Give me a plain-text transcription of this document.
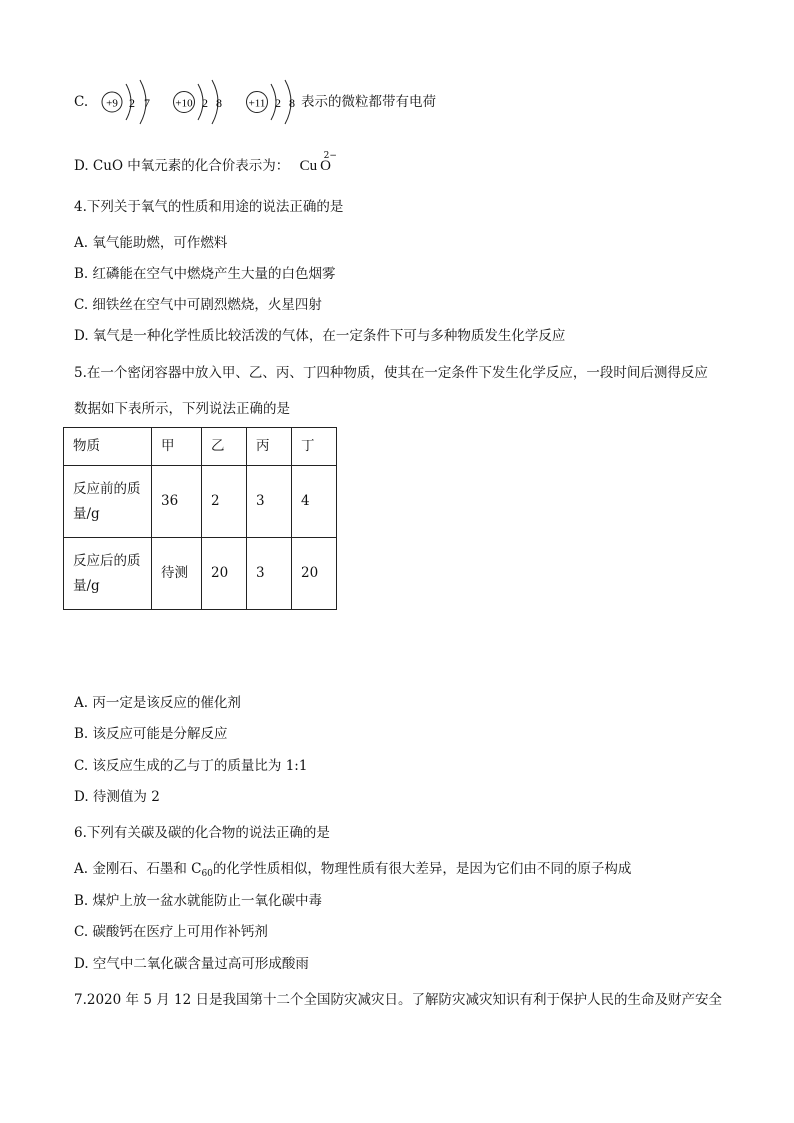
C. +9 2 7 +10 2 8 +11 2 8 表示的微粒都带有电荷
D. CuO 中氧元素的化合价表示为：
2−
Cu O
4.下列关于氧气的性质和用途的说法正确的是
A. 氧气能助燃，可作燃料
B. 红磷能在空气中燃烧产生大量的白色烟雾
C. 细铁丝在空气中可剧烈燃烧，火星四射
D. 氧气是一种化学性质比较活泼的气体，在一定条件下可与多种物质发生化学反应
5.在一个密闭容器中放入甲、乙、丙、丁四种物质，使其在一定条件下发生化学反应，一段时间后测得反应
数据如下表所示，下列说法正确的是
物质	甲	乙	丙	丁
反应前的质
量/g	36	2	3	4
反应后的质
量/g	待测	20	3	20
A. 丙一定是该反应的催化剂
B. 该反应可能是分解反应
C. 该反应生成的乙与丁的质量比为 1:1
D. 待测值为 2
6.下列有关碳及碳的化合物的说法正确的是
A. 金刚石、石墨和 $C_{60}$的化学性质相似，物理性质有很大差异，是因为它们由不同的原子构成
B. 煤炉上放一盆水就能防止一氧化碳中毒
C. 碳酸钙在医疗上可用作补钙剂
D. 空气中二氧化碳含量过高可形成酸雨
7.2020 年 5 月 12 日是我国第十二个全国防灾减灾日。了解防灾减灾知识有利于保护人民的生命及财产安全
